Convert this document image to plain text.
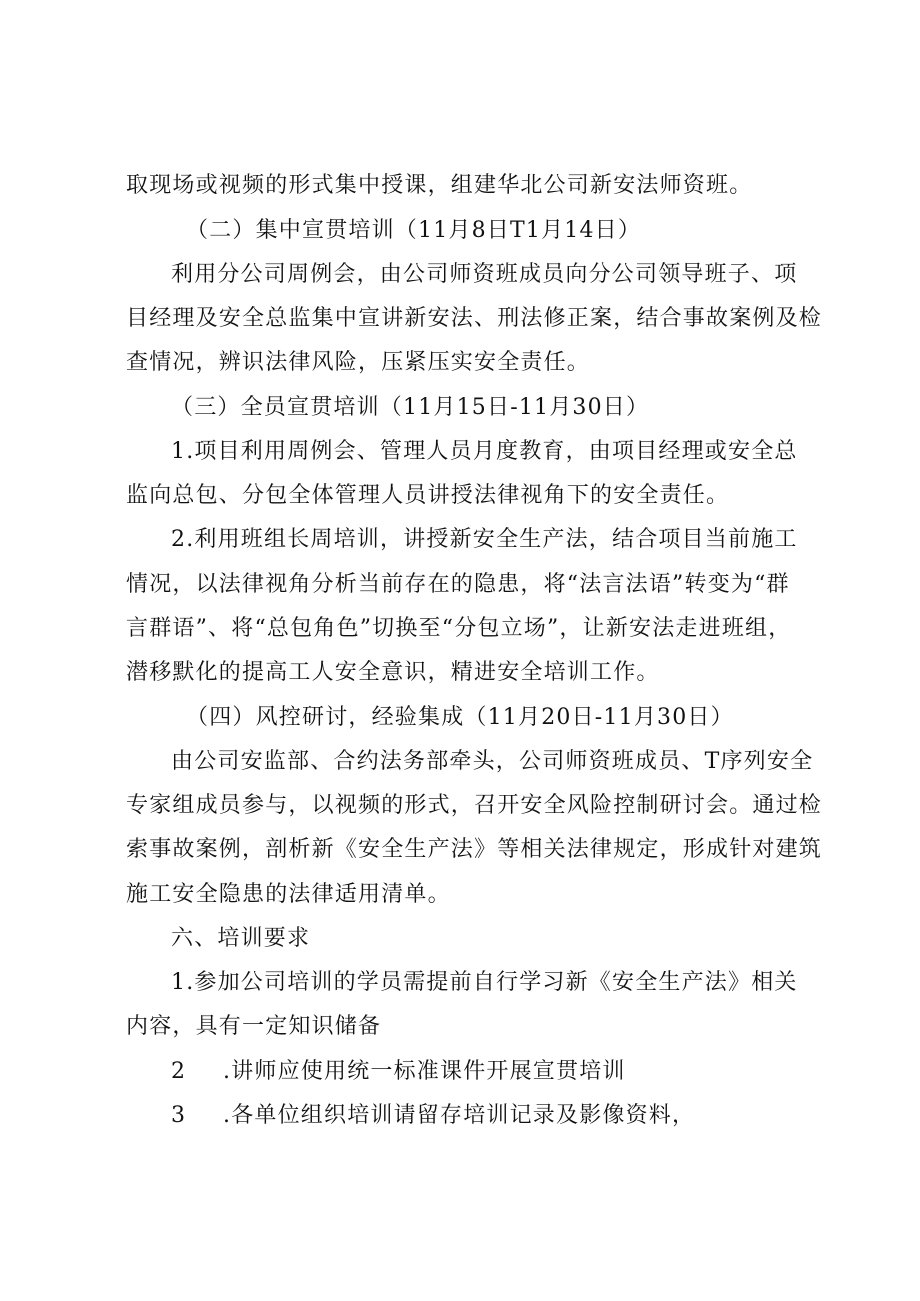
取现场或视频的形式集中授课，组建华北公司新安法师资班。
（二）集中宣贯培训（11月8日T1月14日）
利用分公司周例会，由公司师资班成员向分公司领导班子、项
目经理及安全总监集中宣讲新安法、刑法修正案，结合事故案例及检
查情况，辨识法律风险，压紧压实安全责任。
（三）全员宣贯培训（11月15日-11月30日）
1.项目利用周例会、管理人员月度教育，由项目经理或安全总
监向总包、分包全体管理人员讲授法律视角下的安全责任。
2.利用班组长周培训，讲授新安全生产法，结合项目当前施工
情况，以法律视角分析当前存在的隐患，将“法言法语”转变为“群
言群语”、将“总包角色”切换至“分包立场”，让新安法走进班组，
潜移默化的提高工人安全意识，精进安全培训工作。
（四）风控研讨，经验集成（11月20日-11月30日）
由公司安监部、合约法务部牵头，公司师资班成员、T序列安全
专家组成员参与，以视频的形式，召开安全风险控制研讨会。通过检
索事故案例，剖析新《安全生产法》等相关法律规定，形成针对建筑
施工安全隐患的法律适用清单。
六、培训要求
1.参加公司培训的学员需提前自行学习新《安全生产法》相关
内容，具有一定知识储备
2 .讲师应使用统一标准课件开展宣贯培训
3 .各单位组织培训请留存培训记录及影像资料，
